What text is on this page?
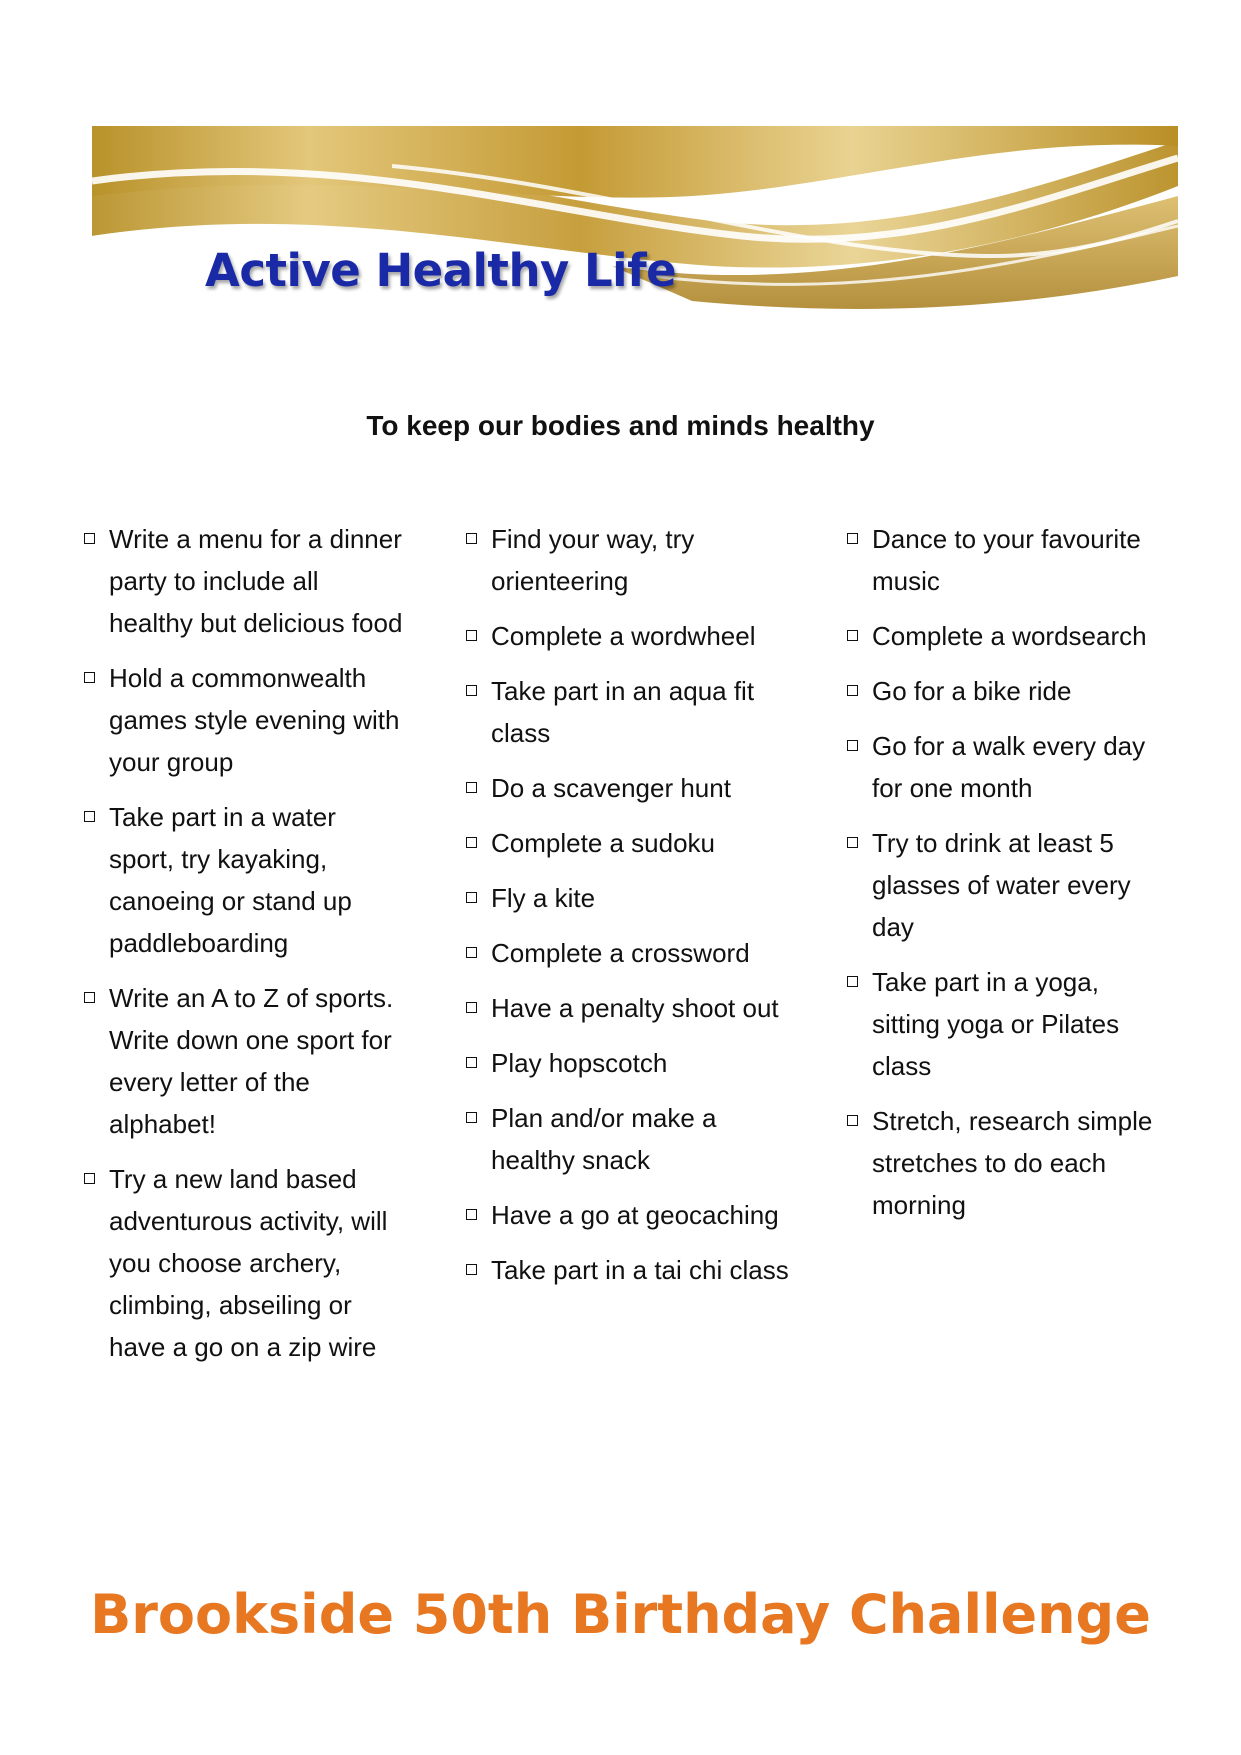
Active Healthy Life
To keep our bodies and minds healthy
Write a menu for a dinner party to include all healthy but delicious food
Hold a commonwealth games style evening with your group
Take part in a water sport, try kayaking, canoeing or stand up paddleboarding
Write an A to Z of sports. Write down one sport for every letter of the alphabet!
Try a new land based adventurous activity, will you choose archery, climbing, abseiling or have a go on a zip wire
Find your way, try orienteering
Complete a wordwheel
Take part in an aqua fit class
Do a scavenger hunt
Complete a sudoku
Fly a kite
Complete a crossword
Have a penalty shoot out
Play hopscotch
Plan and/or make a healthy snack
Have a go at geocaching
Take part in a tai chi class
Dance to your favourite music
Complete a wordsearch
Go for a bike ride
Go for a walk every day for one month
Try to drink at least 5 glasses of water every day
Take part in a yoga, sitting yoga or Pilates class
Stretch, research simple stretches to do each morning
Brookside 50th Birthday Challenge
